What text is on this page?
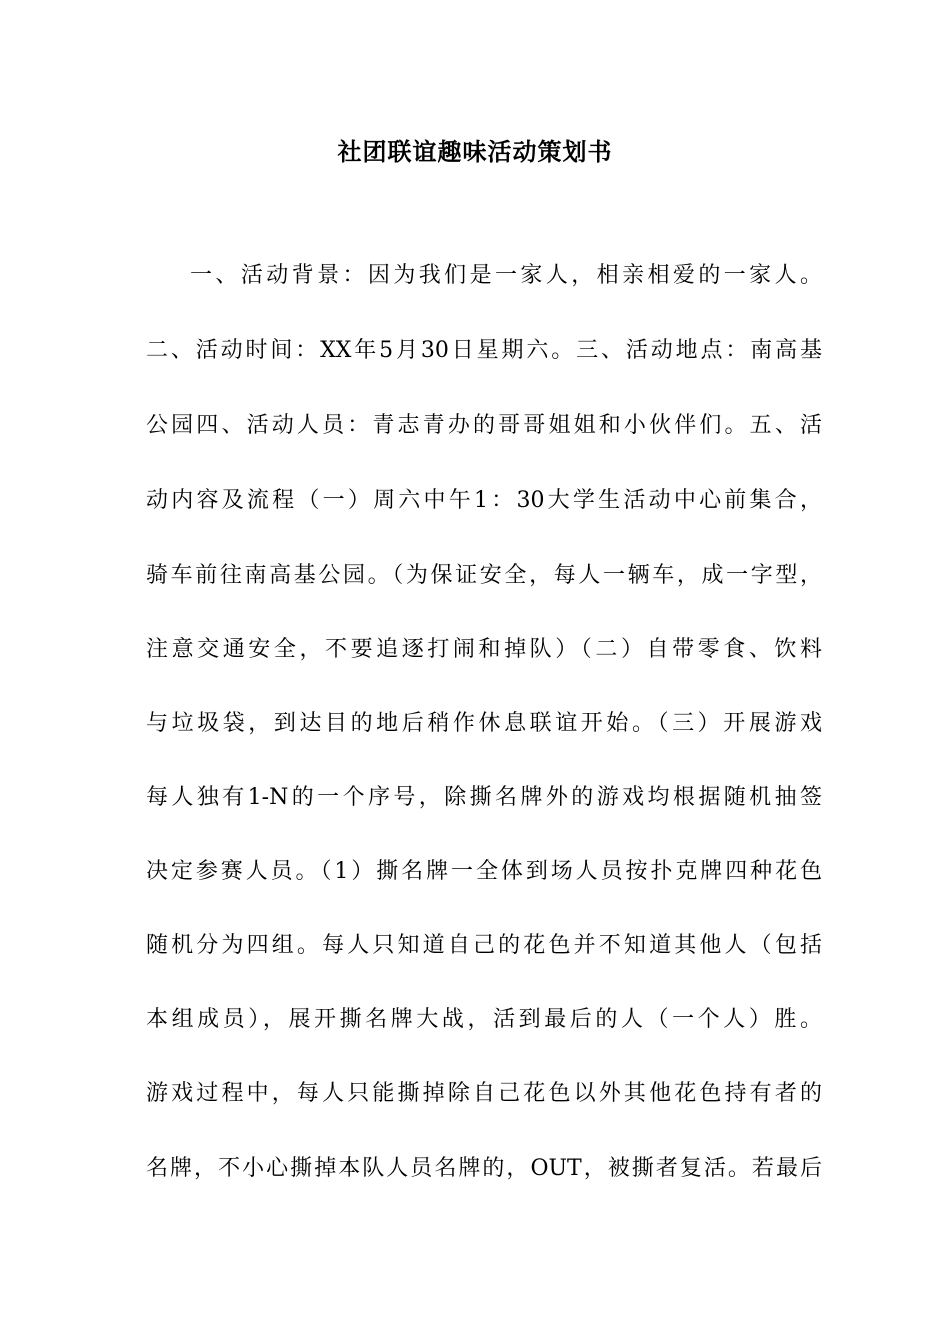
社团联谊趣味活动策划书
一、活动背景：因为我们是一家人，相亲相爱的一家人。
二、活动时间：XX年5月30日星期六。三、活动地点：南高基
公园四、活动人员：青志青办的哥哥姐姐和小伙伴们。五、活
动内容及流程（一）周六中午1：30大学生活动中心前集合，
骑车前往南高基公园。（为保证安全，每人一辆车，成一字型，
注意交通安全，不要追逐打闹和掉队）（二）自带零食、饮料
与垃圾袋，到达目的地后稍作休息联谊开始。（三）开展游戏
每人独有1-N的一个序号，除撕名牌外的游戏均根据随机抽签
决定参赛人员。（1）撕名牌一全体到场人员按扑克牌四种花色
随机分为四组。每人只知道自己的花色并不知道其他人（包括
本组成员），展开撕名牌大战，活到最后的人（一个人）胜。
游戏过程中，每人只能撕掉除自己花色以外其他花色持有者的
名牌，不小心撕掉本队人员名牌的，OUT，被撕者复活。若最后
